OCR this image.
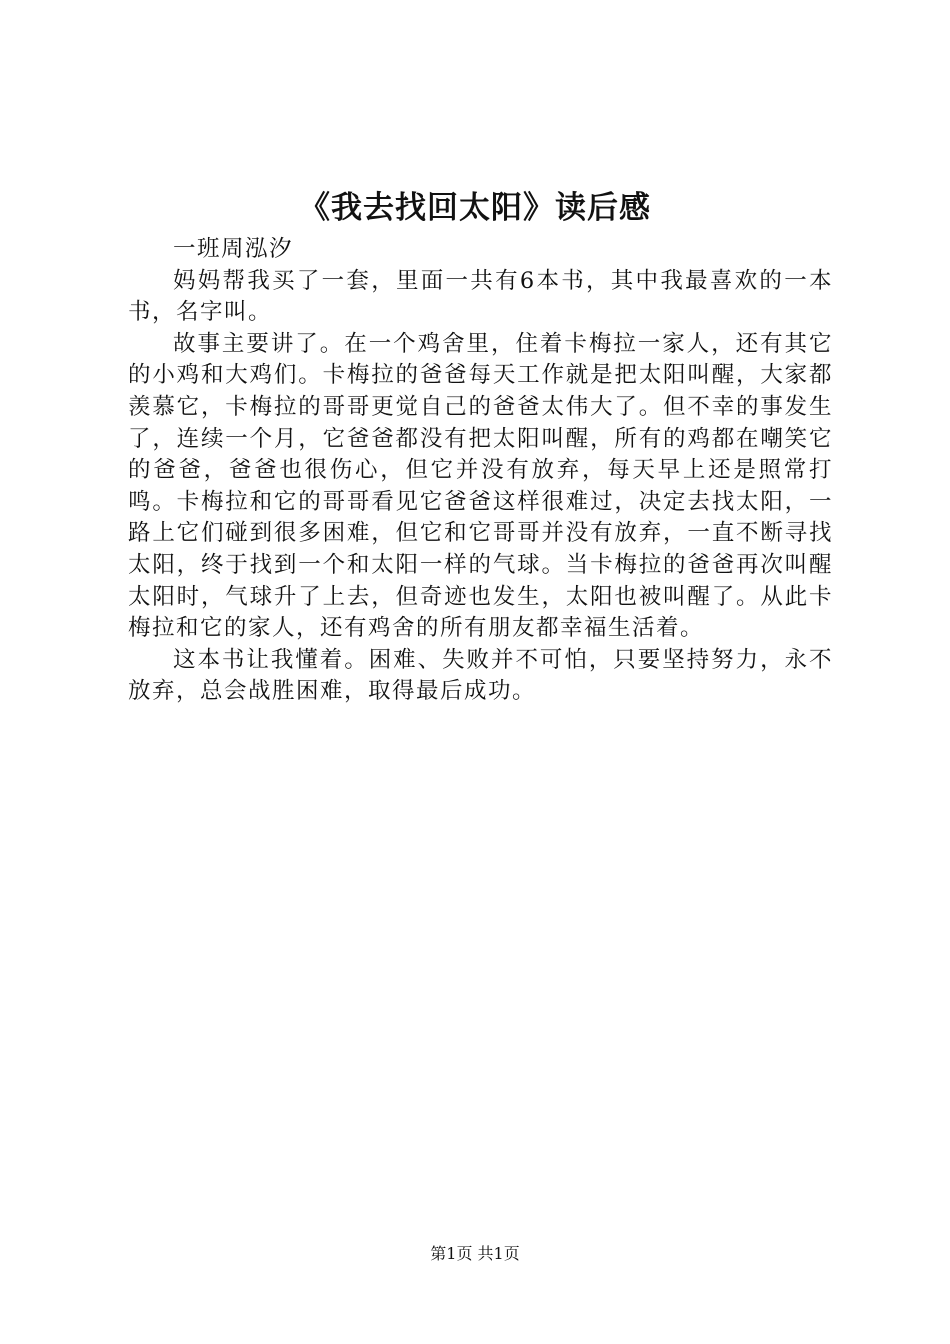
《我去找回太阳》读后感

一班周泓汐

妈妈帮我买了一套，里面一共有6本书，其中我最喜欢的一本书，名字叫。

故事主要讲了。在一个鸡舍里，住着卡梅拉一家人，还有其它的小鸡和大鸡们。卡梅拉的爸爸每天工作就是把太阳叫醒，大家都羡慕它，卡梅拉的哥哥更觉自己的爸爸太伟大了。但不幸的事发生了，连续一个月，它爸爸都没有把太阳叫醒，所有的鸡都在嘲笑它的爸爸，爸爸也很伤心，但它并没有放弃，每天早上还是照常打鸣。卡梅拉和它的哥哥看见它爸爸这样很难过，决定去找太阳，一路上它们碰到很多困难，但它和它哥哥并没有放弃，一直不断寻找太阳，终于找到一个和太阳一样的气球。当卡梅拉的爸爸再次叫醒太阳时，气球升了上去，但奇迹也发生，太阳也被叫醒了。从此卡梅拉和它的家人，还有鸡舍的所有朋友都幸福生活着。

这本书让我懂着。困难、失败并不可怕，只要坚持努力，永不放弃，总会战胜困难，取得最后成功。

第1页 共1页
